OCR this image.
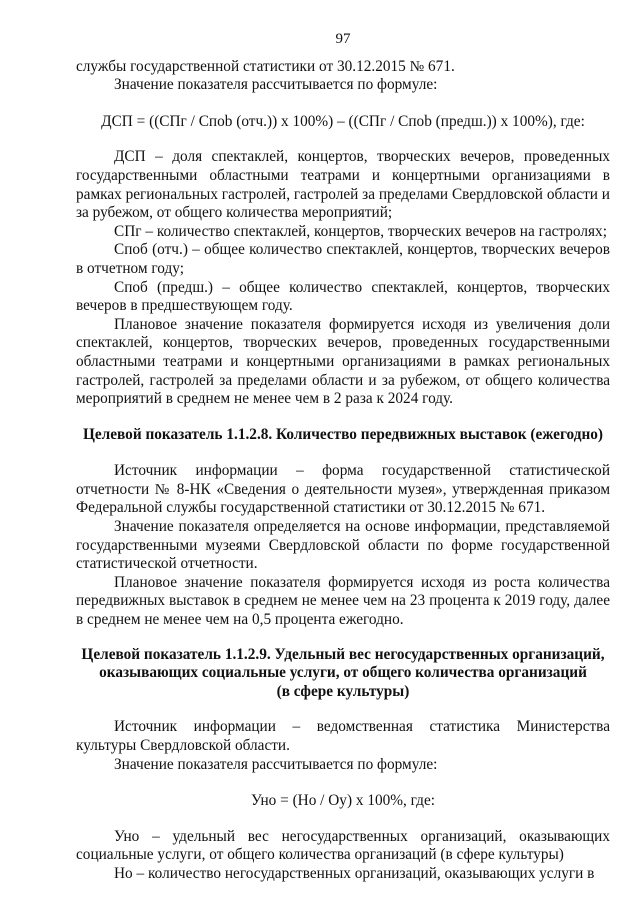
97

службы государственной статистики от 30.12.2015 № 671.

Значение показателя рассчитывается по формуле:

ДСП = ((СПг / Спob (отч.)) x 100%) – ((СПг / Спob (предш.)) x 100%), где:

ДСП – доля спектаклей, концертов, творческих вечеров, проведенных государственными областными театрами и концертными организациями в рамках региональных гастролей, гастролей за пределами Свердловской области и за рубежом, от общего количества мероприятий;

СПг – количество спектаклей, концертов, творческих вечеров на гастролях;

Споб (отч.) – общее количество спектаклей, концертов, творческих вечеров в отчетном году;

Споб (предш.) – общее количество спектаклей, концертов, творческих вечеров в предшествующем году.

Плановое значение показателя формируется исходя из увеличения доли спектаклей, концертов, творческих вечеров, проведенных государственными областными театрами и концертными организациями в рамках региональных гастролей, гастролей за пределами области и за рубежом, от общего количества мероприятий в среднем не менее чем в 2 раза к 2024 году.

Целевой показатель 1.1.2.8. Количество передвижных выставок (ежегодно)

Источник информации – форма государственной статистической отчетности № 8-НК «Сведения о деятельности музея», утвержденная приказом Федеральной службы государственной статистики от 30.12.2015 № 671.

Значение показателя определяется на основе информации, представляемой государственными музеями Свердловской области по форме государственной статистической отчетности.

Плановое значение показателя формируется исходя из роста количества передвижных выставок в среднем не менее чем на 23 процента к 2019 году, далее в среднем не менее чем на 0,5 процента ежегодно.

Целевой показатель 1.1.2.9. Удельный вес негосударственных организаций,
оказывающих социальные услуги, от общего количества организаций
(в сфере культуры)

Источник информации – ведомственная статистика Министерства культуры Свердловской области.

Значение показателя рассчитывается по формуле:

Уно = (Но / Оу) x 100%, где:

Уно – удельный вес негосударственных организаций, оказывающих социальные услуги, от общего количества организаций (в сфере культуры)

Но – количество негосударственных организаций, оказывающих услуги в
